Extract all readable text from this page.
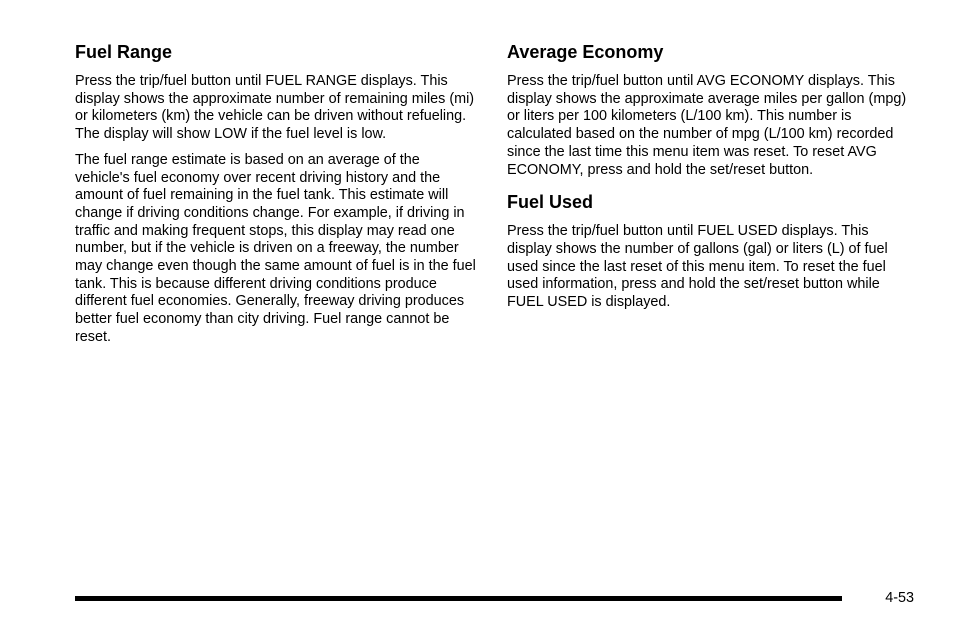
Fuel Range

Press the trip/fuel button until FUEL RANGE displays. This display shows the approximate number of remaining miles (mi) or kilometers (km) the vehicle can be driven without refueling. The display will show LOW if the fuel level is low.

The fuel range estimate is based on an average of the vehicle's fuel economy over recent driving history and the amount of fuel remaining in the fuel tank. This estimate will change if driving conditions change. For example, if driving in traffic and making frequent stops, this display may read one number, but if the vehicle is driven on a freeway, the number may change even though the same amount of fuel is in the fuel tank. This is because different driving conditions produce different fuel economies. Generally, freeway driving produces better fuel economy than city driving. Fuel range cannot be reset.

Average Economy

Press the trip/fuel button until AVG ECONOMY displays. This display shows the approximate average miles per gallon (mpg) or liters per 100 kilometers (L/100 km). This number is calculated based on the number of mpg (L/100 km) recorded since the last time this menu item was reset. To reset AVG ECONOMY, press and hold the set/reset button.

Fuel Used

Press the trip/fuel button until FUEL USED displays. This display shows the number of gallons (gal) or liters (L) of fuel used since the last reset of this menu item. To reset the fuel used information, press and hold the set/reset button while FUEL USED is displayed.

4-53
